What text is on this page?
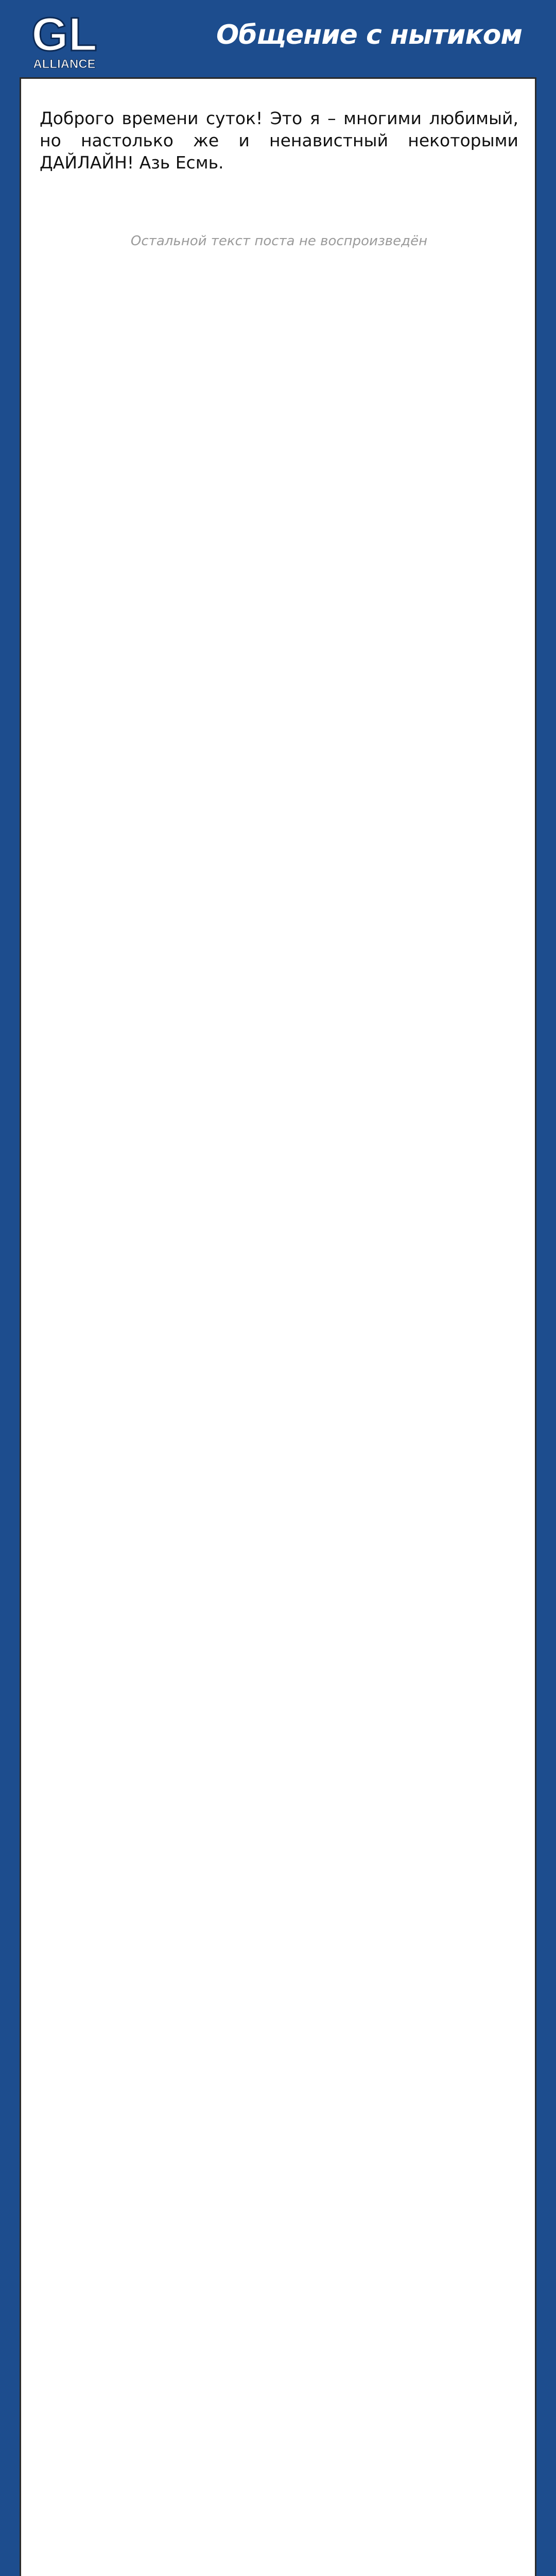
GL
ALLIANCE
Общение с нытиком

Доброго времени суток! Это я – многими любимый, но настолько же и ненавистный некоторыми ДАЙЛАЙН! Азь Есмь.

Остальной текст поста не воспроизведён
